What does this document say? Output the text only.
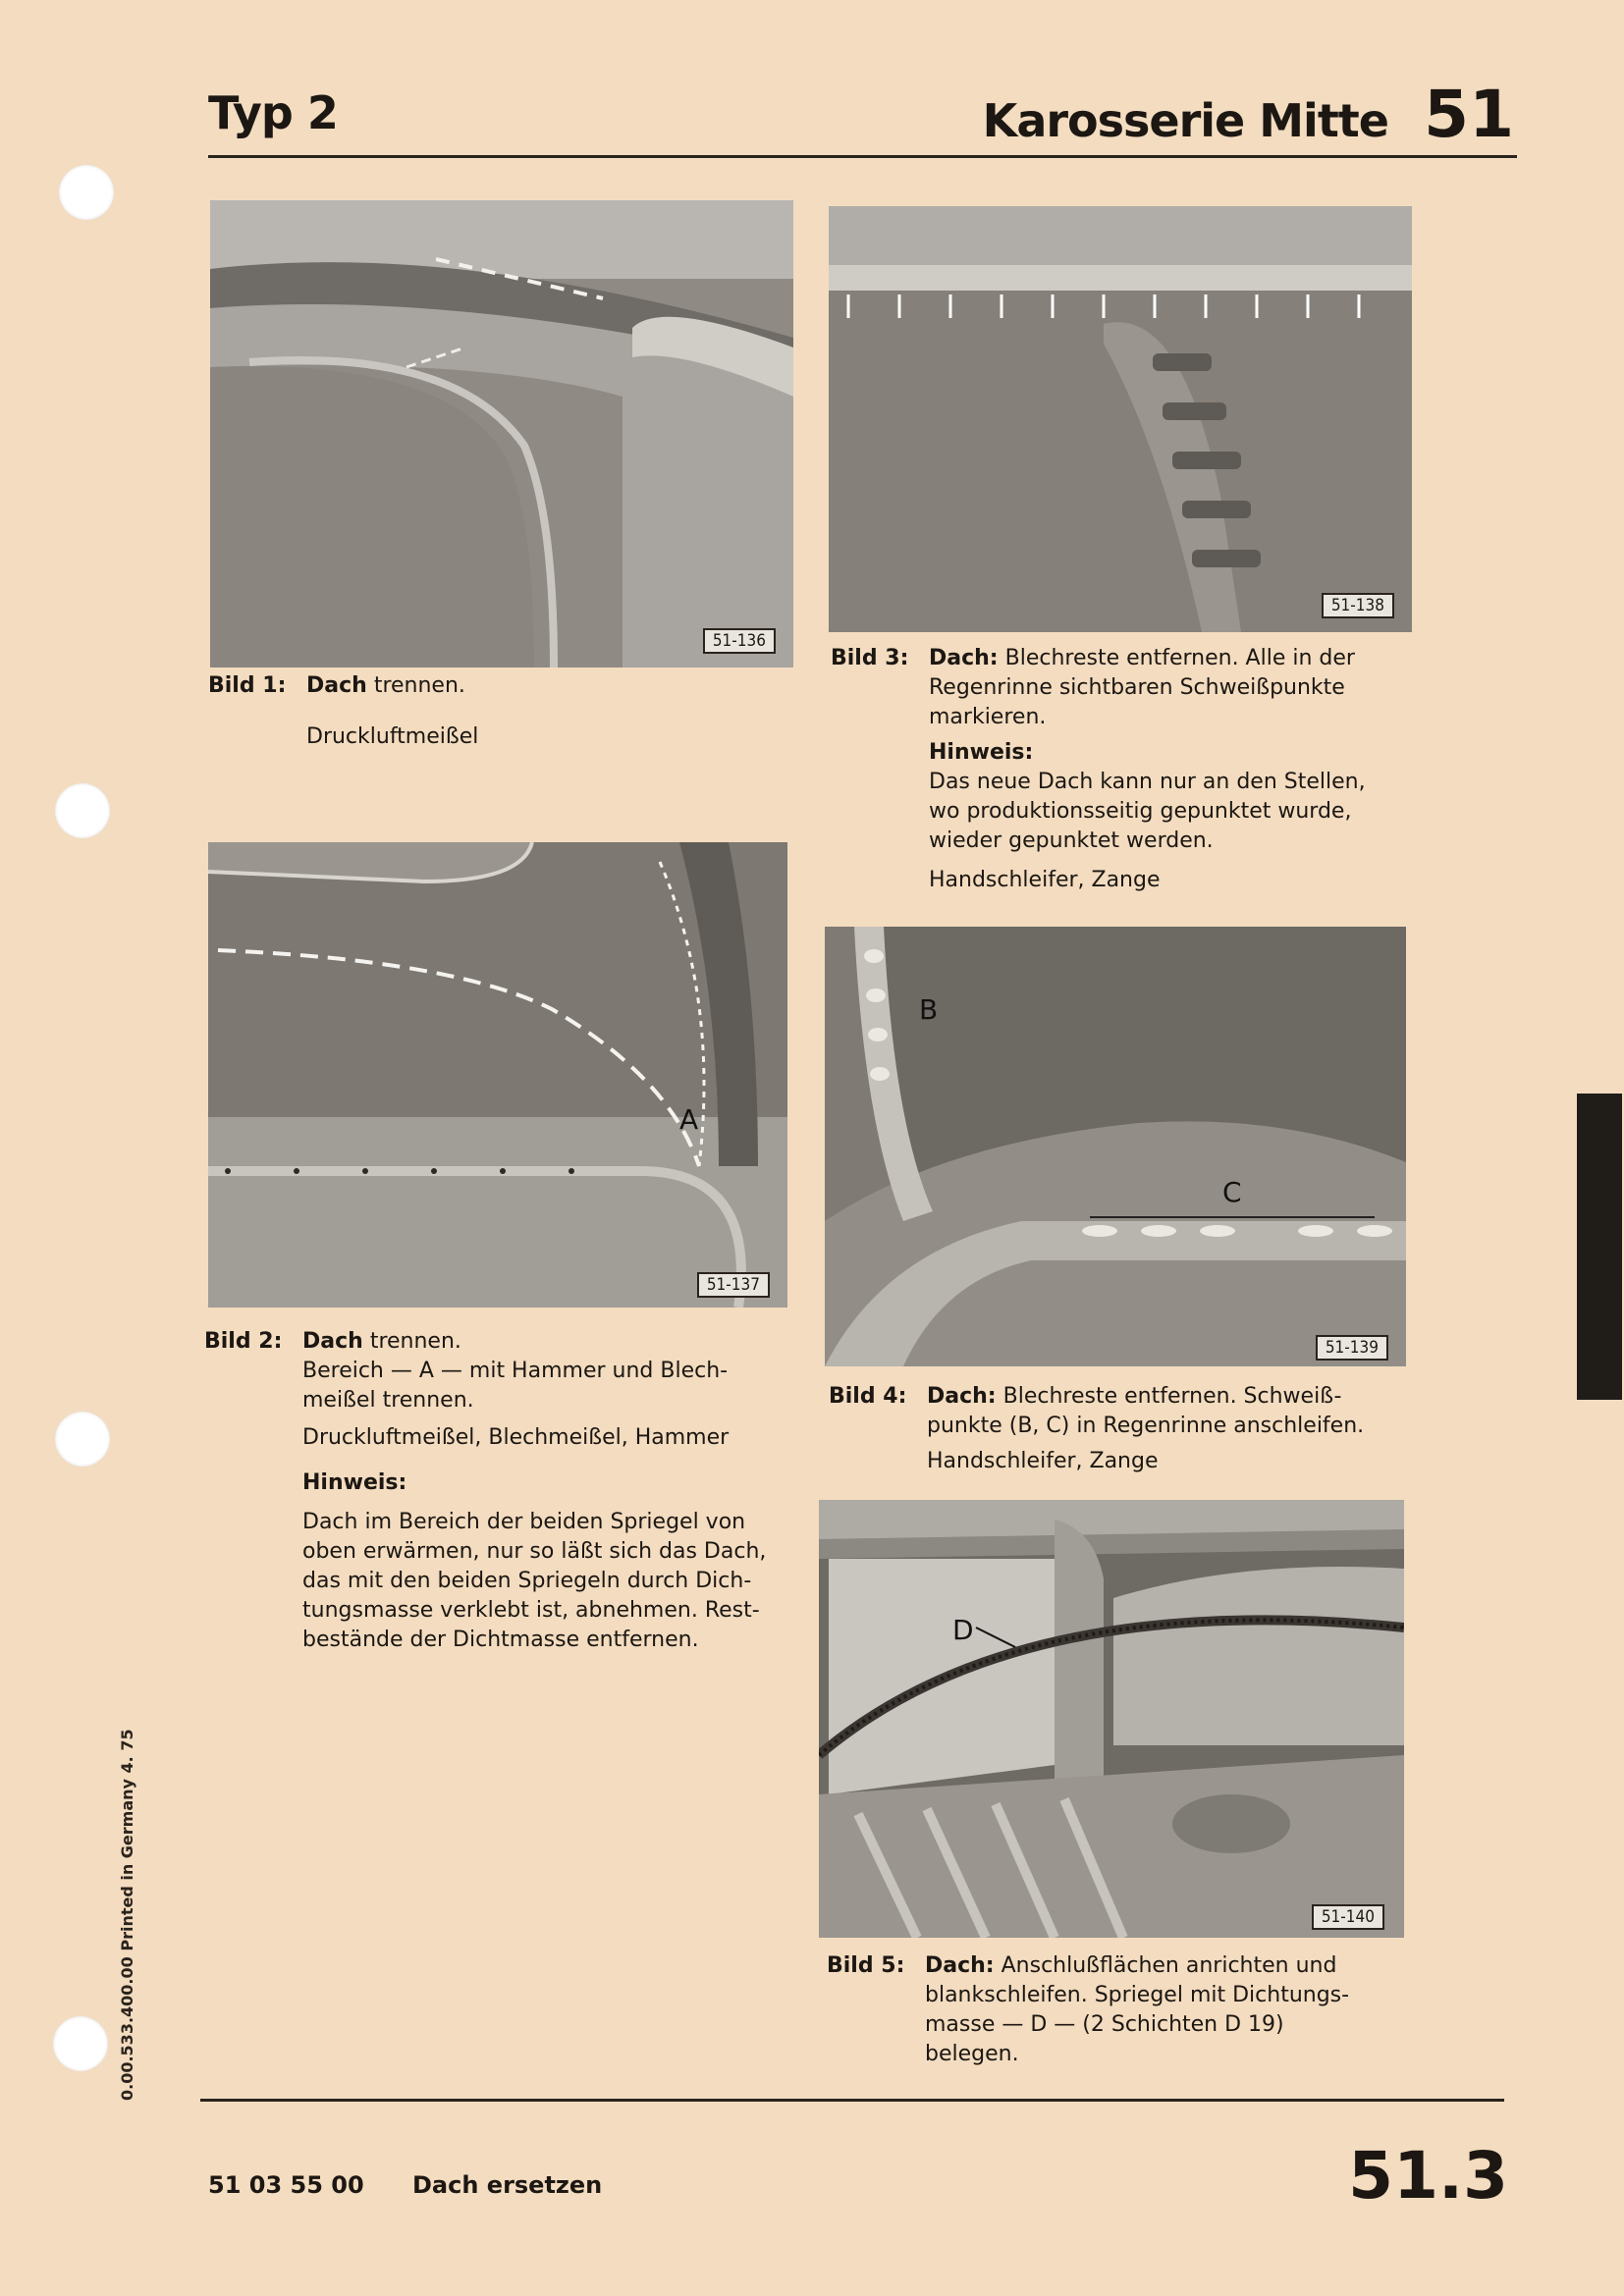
Typ 2	Karosserie Mitte 51
51-136
51-138
Bild 1: Dach trennen.

Druckluftmeißel

Bild 3: Dach: Blechreste entfernen. Alle in der

Regenrinne sichtbaren Schweißpunkte

markieren.

Hinweis:

Das neue Dach kann nur an den Stellen,

wo produktionsseitig gepunktet wurde,

wieder gepunktet werden.

Handschleifer, Zange

A
51-137
B
C
51-139
Bild 2: Dach trennen.

Bereich — A — mit Hammer und Blech-

meißel trennen.

Druckluftmeißel, Blechmeißel, Hammer

Hinweis:

Dach im Bereich der beiden Spriegel von

oben erwärmen, nur so läßt sich das Dach,

das mit den beiden Spriegeln durch Dich-

tungsmasse verklebt ist, abnehmen. Rest-

bestände der Dichtmasse entfernen.

Bild 4: Dach: Blechreste entfernen. Schweiß-

punkte (B, C) in Regenrinne anschleifen.

Handschleifer, Zange

D
51-140
Bild 5: Dach: Anschlußflächen anrichten und

blankschleifen. Spriegel mit Dichtungs-

masse — D — (2 Schichten D 19)

belegen.

0.00.533.400.00 Printed in Germany 4. 75
51 03 55 00 Dach ersetzen	51.3
